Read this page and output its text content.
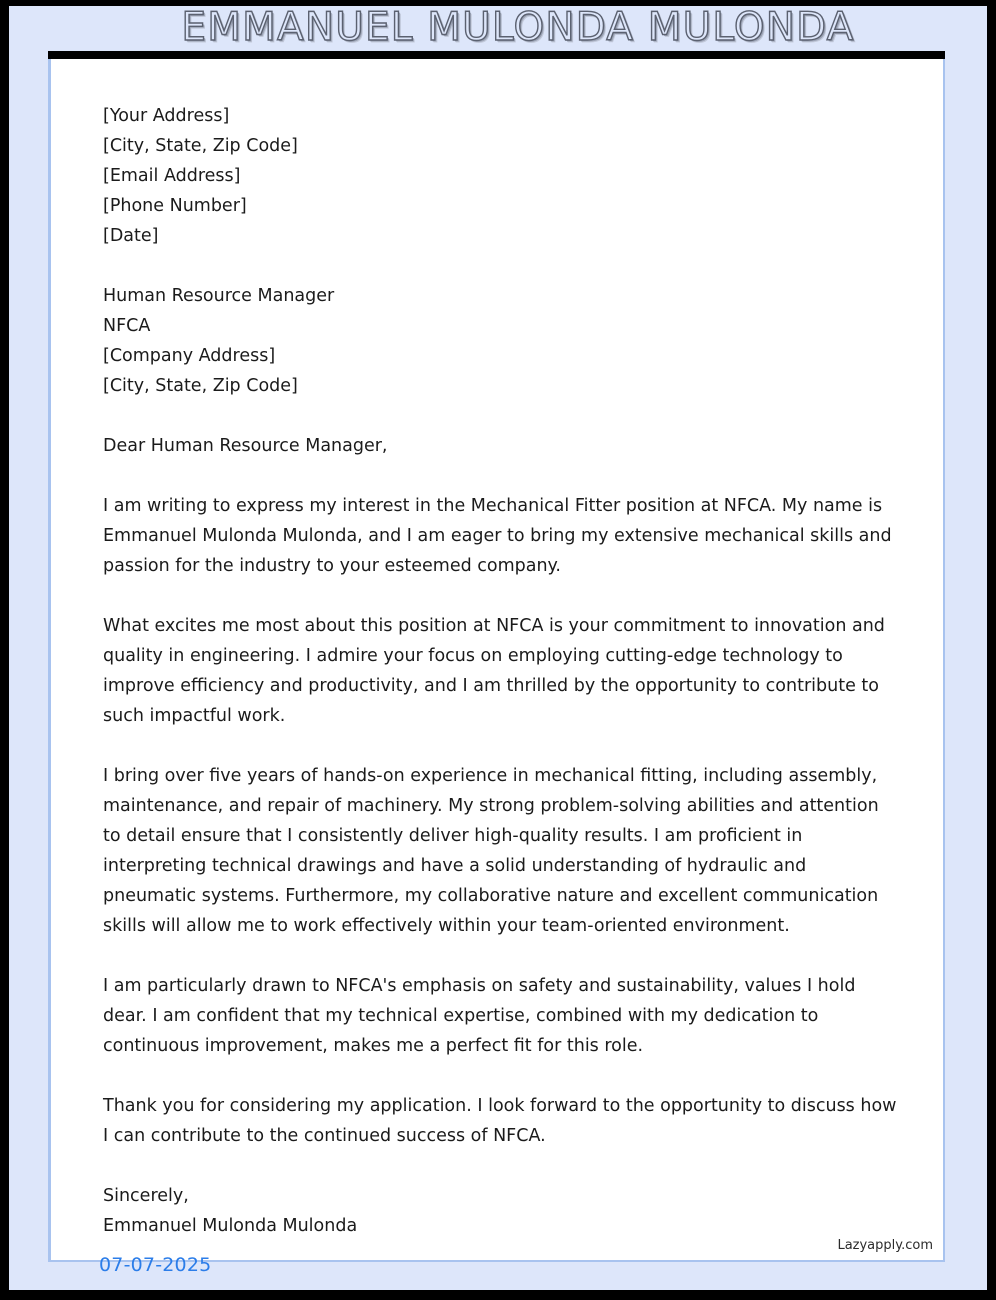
EMMANUEL MULONDA MULONDA
[Your Address]
[City, State, Zip Code]
[Email Address]
[Phone Number]
[Date]
Human Resource Manager
NFCA
[Company Address]
[City, State, Zip Code]
Dear Human Resource Manager,

I am writing to express my interest in the Mechanical Fitter position at NFCA. My name is Emmanuel Mulonda Mulonda, and I am eager to bring my extensive mechanical skills and passion for the industry to your esteemed company.

What excites me most about this position at NFCA is your commitment to innovation and quality in engineering. I admire your focus on employing cutting-edge technology to improve efficiency and productivity, and I am thrilled by the opportunity to contribute to such impactful work.

I bring over five years of hands-on experience in mechanical fitting, including assembly, maintenance, and repair of machinery. My strong problem-solving abilities and attention to detail ensure that I consistently deliver high-quality results. I am proficient in interpreting technical drawings and have a solid understanding of hydraulic and pneumatic systems. Furthermore, my collaborative nature and excellent communication skills will allow me to work effectively within your team-oriented environment.

I am particularly drawn to NFCA's emphasis on safety and sustainability, values I hold dear. I am confident that my technical expertise, combined with my dedication to continuous improvement, makes me a perfect fit for this role.

Thank you for considering my application. I look forward to the opportunity to discuss how I can contribute to the continued success of NFCA.

Sincerely,
Emmanuel Mulonda Mulonda
Lazyapply.com
07-07-2025
